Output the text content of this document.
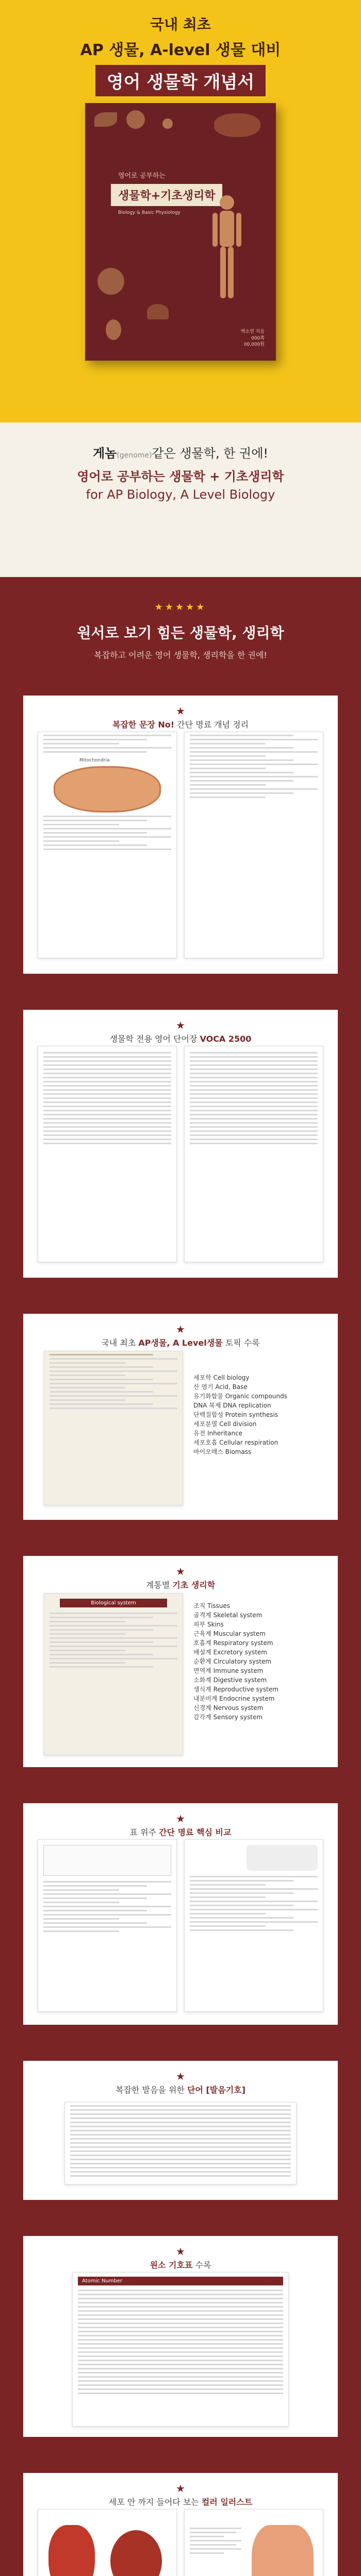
국내 최초
AP 생물, A-level 생물 대비
영어 생물학 개념서
영어로 공부하는
생물학+기초생리학
Biology & Basic Physiology
백소연 지음
000쪽
00,000원
게놈(genome)같은 생물학, 한 권에!
영어로 공부하는 생물학 + 기초생리학
for AP Biology, A Level Biology
★★★★★
원서로 보기 힘든 생물학, 생리학
복잡하고 어려운 영어 생물학, 생리학을 한 권에!
★
복잡한 문장 No! 간단 명료 개념 정리
Mitochondria
★
생물학 전용 영어 단어장 VOCA 2500
★
국내 최초 AP생물, A Level생물 토픽 수록
세포학 Cell biology
산 염기 Acid, Base
유기화합물 Organic compounds
DNA 복제 DNA replication
단백질합성 Protein synthesis
세포분열 Cell division
유전 Inheritance
세포호흡 Cellular respiration
바이오매스 Biomass
★
계통별 기초 생리학
Biological system	조직 Tissues
골격계 Skeletal system
피부 Skins
근육계 Muscular system
호흡계 Respiratory system
배설계 Excretory system
순환계 Circulatory system
면역계 Immune system
소화계 Digestive system
생식계 Reproductive system
내분비계 Endocrine system
신경계 Nervous system
감각계 Sensory system
★
표 위주 간단 명료 핵심 비교
★
복잡한 발음을 위한 단어 [발음기호]
★
원소 기호표 수록
Atomic Number
★
세포 안 까지 들어다 보는 컬러 일러스트
